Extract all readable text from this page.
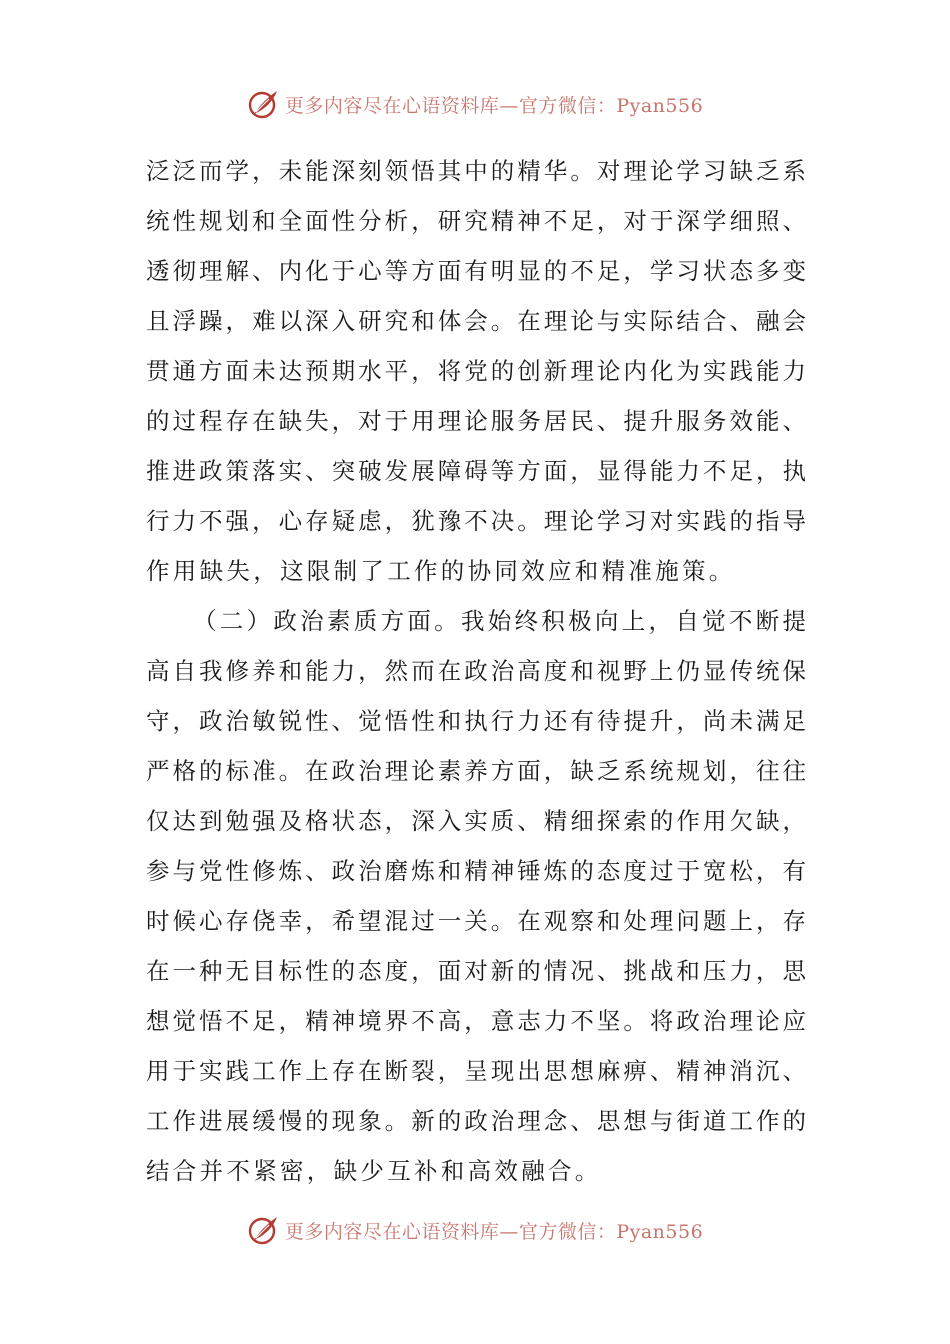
更多内容尽在心语资料库—官方微信：Pyan556
泛泛而学，未能深刻领悟其中的精华。对理论学习缺乏系
统性规划和全面性分析，研究精神不足，对于深学细照、
透彻理解、内化于心等方面有明显的不足，学习状态多变
且浮躁，难以深入研究和体会。在理论与实际结合、融会
贯通方面未达预期水平，将党的创新理论内化为实践能力
的过程存在缺失，对于用理论服务居民、提升服务效能、
推进政策落实、突破发展障碍等方面，显得能力不足，执
行力不强，心存疑虑，犹豫不决。理论学习对实践的指导
作用缺失，这限制了工作的协同效应和精准施策。
（二）政治素质方面。我始终积极向上，自觉不断提
高自我修养和能力，然而在政治高度和视野上仍显传统保
守，政治敏锐性、觉悟性和执行力还有待提升，尚未满足
严格的标准。在政治理论素养方面，缺乏系统规划，往往
仅达到勉强及格状态，深入实质、精细探索的作用欠缺，
参与党性修炼、政治磨炼和精神锤炼的态度过于宽松，有
时候心存侥幸，希望混过一关。在观察和处理问题上，存
在一种无目标性的态度，面对新的情况、挑战和压力，思
想觉悟不足，精神境界不高，意志力不坚。将政治理论应
用于实践工作上存在断裂，呈现出思想麻痹、精神消沉、
工作进展缓慢的现象。新的政治理念、思想与街道工作的
结合并不紧密，缺少互补和高效融合。
更多内容尽在心语资料库—官方微信：Pyan556
